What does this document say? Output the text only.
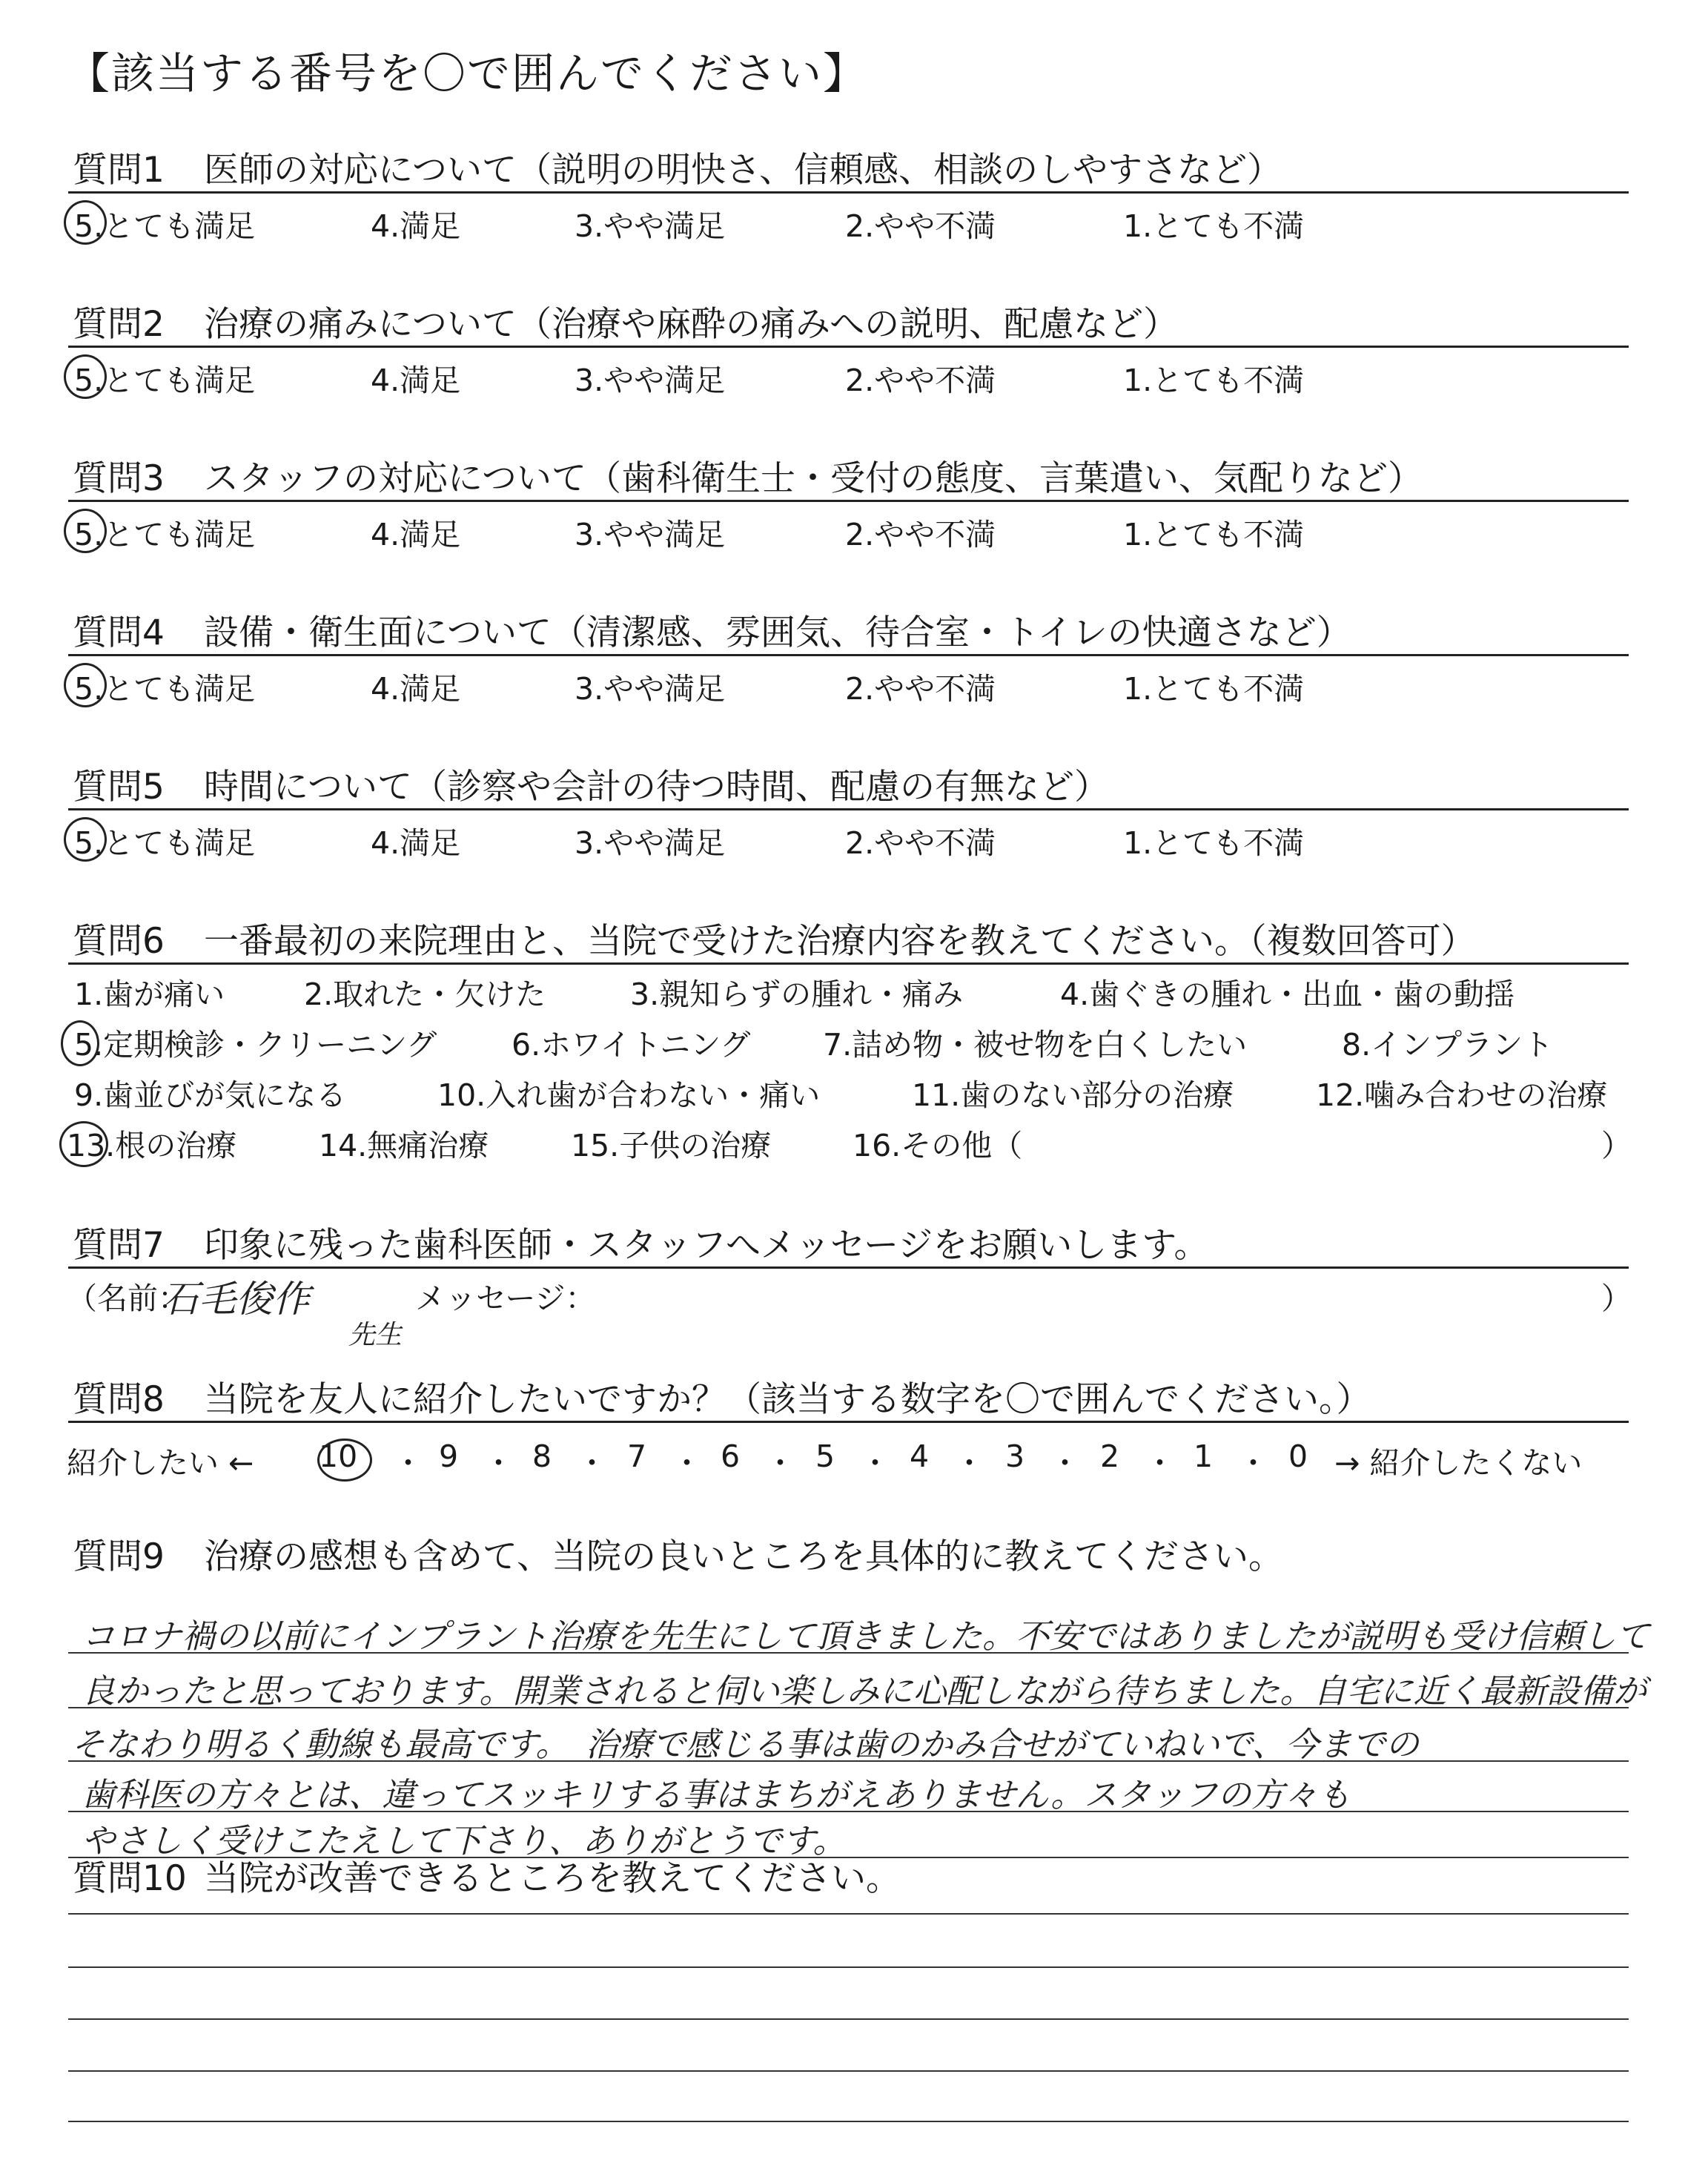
【該当する番号を〇で囲んでください】
質問1 医師の対応について（説明の明快さ、信頼感、相談のしやすさなど）
5.とても満足	4.満足	3.やや満足	2.やや不満	1.とても不満
質問2 治療の痛みについて（治療や麻酔の痛みへの説明、配慮など）
5.とても満足	4.満足	3.やや満足	2.やや不満	1.とても不満
質問3 スタッフの対応について（歯科衛生士・受付の態度、言葉遣い、気配りなど）
5.とても満足	4.満足	3.やや満足	2.やや不満	1.とても不満
質問4 設備・衛生面について（清潔感、雰囲気、待合室・トイレの快適さなど）
5.とても満足	4.満足	3.やや満足	2.やや不満	1.とても不満
質問5 時間について（診察や会計の待つ時間、配慮の有無など）
5.とても満足	4.満足	3.やや満足	2.やや不満	1.とても不満
質問6 一番最初の来院理由と、当院で受けた治療内容を教えてください。（複数回答可）
1.歯が痛い	2.取れた・欠けた	3.親知らずの腫れ・痛み	4.歯ぐきの腫れ・出血・歯の動揺
5.定期検診・クリーニング 6.ホワイトニング 7.詰め物・被せ物を白くしたい	8.インプラント
9.歯並びが気になる	10.入れ歯が合わない・痛い	11.歯のない部分の治療	12.噛み合わせの治療
13.根の治療	14.無痛治療	15.子供の治療	16.その他（	）
質問7 印象に残った歯科医師・スタッフへメッセージをお願いします。
（名前：
石毛俊作
先生
メッセージ：	）
質問8 当院を友人に紹介したいですか？（該当する数字を〇で囲んでください。）
紹介したい ←	→ 紹介したくない
10 ・ 9 ・ 8 ・ 7 ・ 6 ・ 5 ・ 4 ・ 3 ・ 2 ・ 1 ・ 0
質問9 治療の感想も含めて、当院の良いところを具体的に教えてください。
コロナ禍の以前にインプラント治療を先生にして頂きました。不安ではありましたが説明も受け信頼して
良かったと思っております。開業されると伺い楽しみに心配しながら待ちました。自宅に近く最新設備が
そなわり明るく動線も最高です。　治療で感じる事は歯のかみ合せがていねいで、今までの
歯科医の方々とは、違ってスッキリする事はまちがえありません。スタッフの方々も
やさしく受けこたえして下さり、ありがとうです。
質問10 当院が改善できるところを教えてください。
